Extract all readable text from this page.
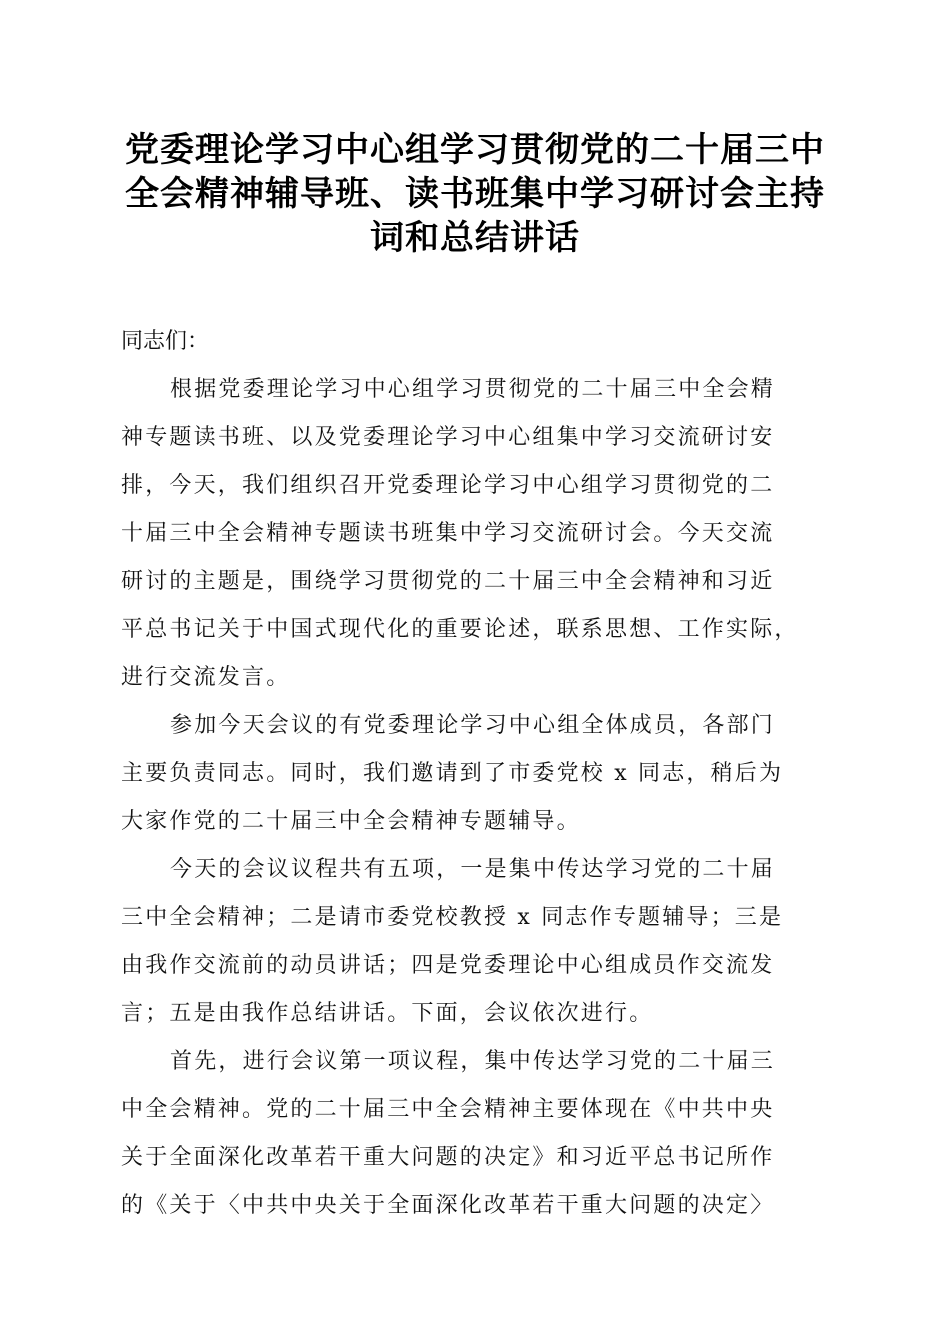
党委理论学习中心组学习贯彻党的二十届三中
全会精神辅导班、读书班集中学习研讨会主持
词和总结讲话

同志们：

根据党委理论学习中心组学习贯彻党的二十届三中全会精
神专题读书班、以及党委理论学习中心组集中学习交流研讨安
排，今天，我们组织召开党委理论学习中心组学习贯彻党的二
十届三中全会精神专题读书班集中学习交流研讨会。今天交流
研讨的主题是，围绕学习贯彻党的二十届三中全会精神和习近
平总书记关于中国式现代化的重要论述，联系思想、工作实际，
进行交流发言。

参加今天会议的有党委理论学习中心组全体成员，各部门
主要负责同志。同时，我们邀请到了市委党校 x 同志，稍后为
大家作党的二十届三中全会精神专题辅导。

今天的会议议程共有五项，一是集中传达学习党的二十届
三中全会精神；二是请市委党校教授 x 同志作专题辅导；三是
由我作交流前的动员讲话；四是党委理论中心组成员作交流发
言；五是由我作总结讲话。下面，会议依次进行。

首先，进行会议第一项议程，集中传达学习党的二十届三
中全会精神。党的二十届三中全会精神主要体现在《中共中央
关于全面深化改革若干重大问题的决定》和习近平总书记所作
的《关于〈中共中央关于全面深化改革若干重大问题的决定〉
